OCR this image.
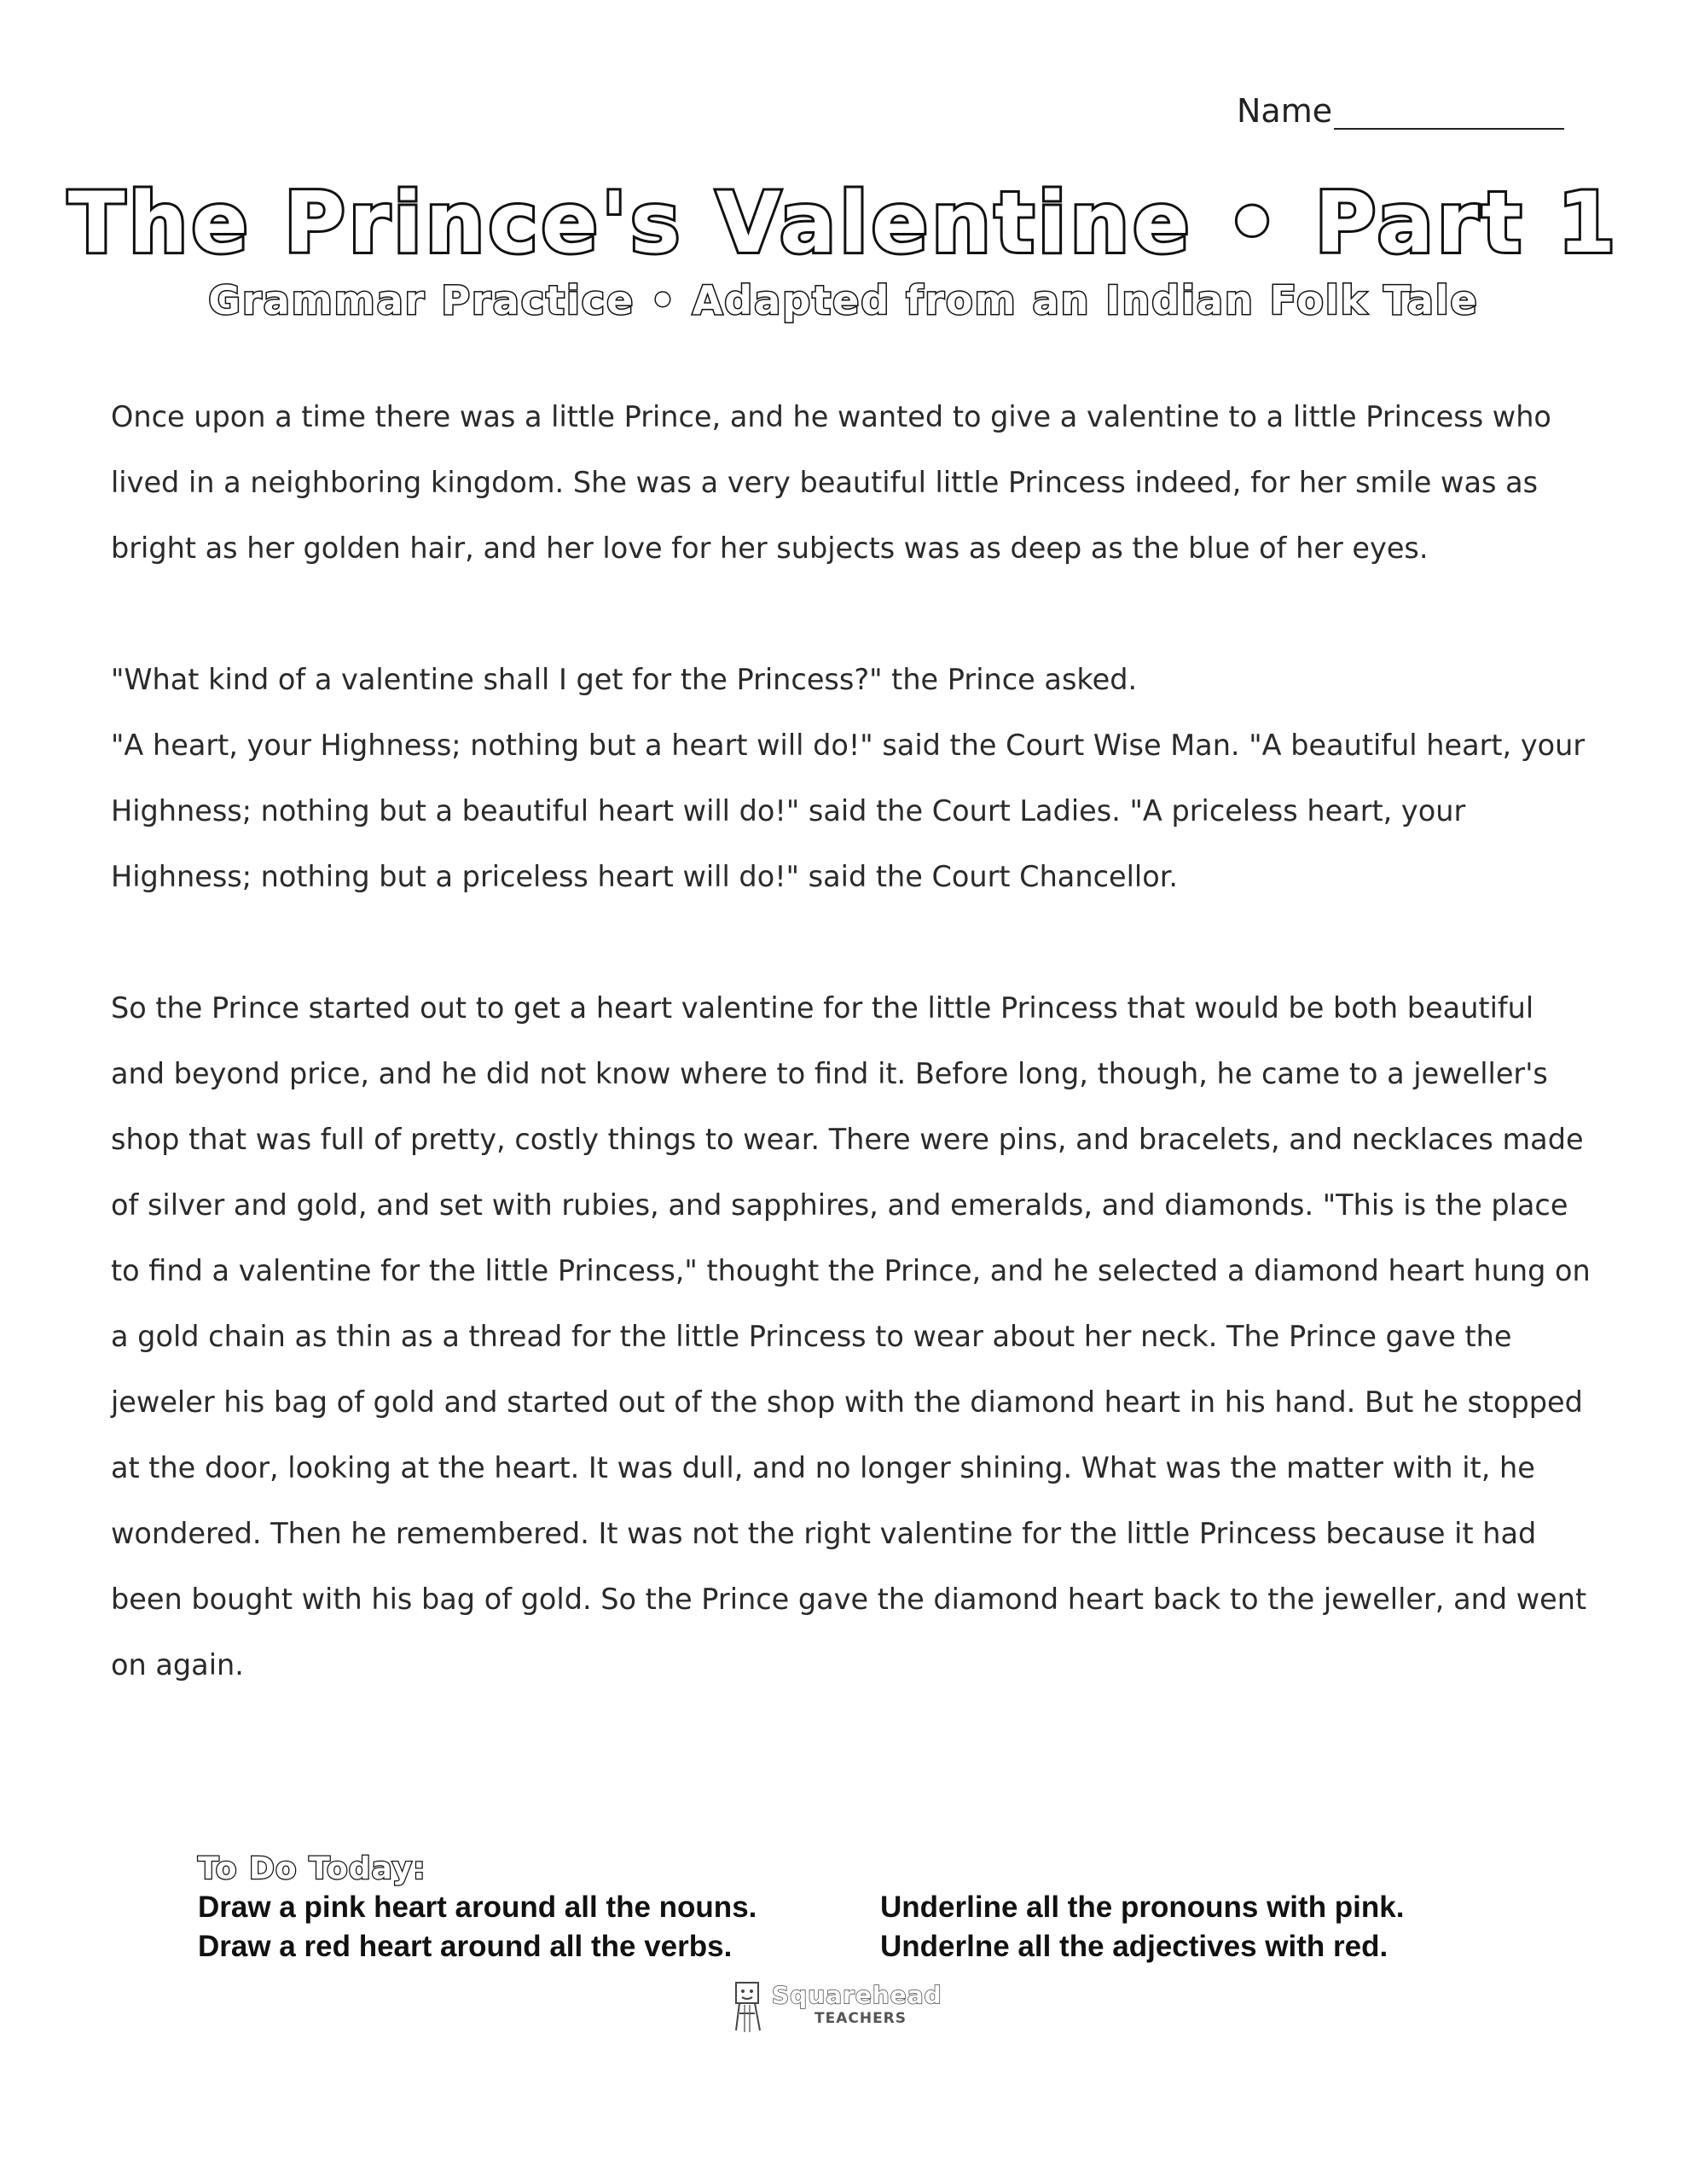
Name
The Prince's Valentine • Part 1
Grammar Practice • Adapted from an Indian Folk Tale

Once upon a time there was a little Prince, and he wanted to give a valentine to a little Princess who lived in a neighboring kingdom. She was a very beautiful little Princess indeed, for her smile was as bright as her golden hair, and her love for her subjects was as deep as the blue of her eyes.

"What kind of a valentine shall I get for the Princess?" the Prince asked.

"A heart, your Highness; nothing but a heart will do!" said the Court Wise Man. "A beautiful heart, your Highness; nothing but a beautiful heart will do!" said the Court Ladies. "A priceless heart, your Highness; nothing but a priceless heart will do!" said the Court Chancellor.

So the Prince started out to get a heart valentine for the little Princess that would be both beautiful and beyond price, and he did not know where to find it. Before long, though, he came to a jeweller's shop that was full of pretty, costly things to wear. There were pins, and bracelets, and necklaces made of silver and gold, and set with rubies, and sapphires, and emeralds, and diamonds. "This is the place to find a valentine for the little Princess," thought the Prince, and he selected a diamond heart hung on a gold chain as thin as a thread for the little Princess to wear about her neck. The Prince gave the jeweler his bag of gold and started out of the shop with the diamond heart in his hand. But he stopped at the door, looking at the heart. It was dull, and no longer shining. What was the matter with it, he wondered. Then he remembered. It was not the right valentine for the little Princess because it had been bought with his bag of gold. So the Prince gave the diamond heart back to the jeweller, and went on again.

To Do Today:
Draw a pink heart around all the nouns.	Underline all the pronouns with pink.
Draw a red heart around all the verbs.	Underlne all the adjectives with red.
Squarehead
TEACHERS
